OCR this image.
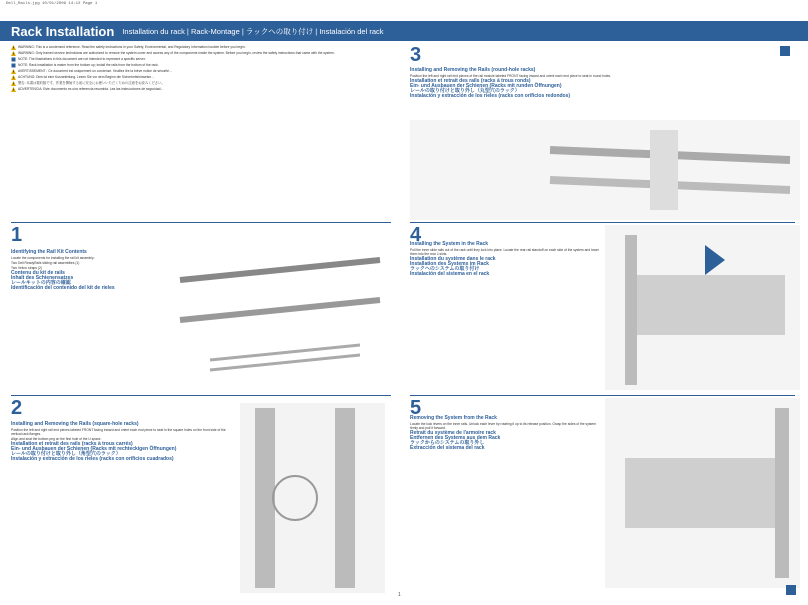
Dell_Rails.jpg 10/01/2009 14:12 Page 1
Rack Installation Installation du rack | Rack-Montage | ラックへの取り付け | Instalación del rack

WARNING: This is a condensed reference. Read the safety instructions in your Safety, Environmental, and Regulatory Information booklet before you begin.

WARNING: Only trained service technicians are authorized to remove the system cover and access any of the components inside the system. Before you begin, review the safety instructions that came with the system.

NOTE: The illustrations in this document are not intended to represent a specific server.

NOTE: Rack installation is easier from the bottom up; install the rails from the bottom of the rack.

AVERTISSEMENT : Ce document est uniquement un condensé. Veuillez lire la brève notice de sécurité...

ACHTUNG: Dies ist eine Kurzanleitung. Lesen Sie vor dem Beginn die Sicherheitshinweise...

警告: 本書は要約版です。作業を開始する前に安全にお使いいただくための注意をお読みください。

ADVERTENCIA: Este documento es una referencia resumida. Lea las instrucciones de seguridad...

1
Identifying the Rail Kit Contents

Locate the components for installing the rail kit assembly:

Two Dell ReadyRails sliding rail assemblies (1)

Two Velcro straps (2)

Contenu du kit de rails

Inhalt des Schienensatzes

レールキットの内容の確認

Identificación del contenido del kit de rieles

2
Installing and Removing the Rails (square-hole racks)

Position the left and right rail end pieces labeled FRONT facing inward and orient each end piece to seat in the square holes on the front side of the vertical rack flanges.

Align and seat the bottom peg on the first hole of the U space.

Installation et retrait des rails (racks à trous carrés)

Ein- und Ausbauen der Schienen (Racks mit rechteckigen Öffnungen)

レールの取り付けと取り外し（角型穴のラック）

Instalación y extracción de los rieles (racks con orificios cuadrados)

3
Installing and Removing the Rails (round-hole racks)

Position the left and right rail end pieces of the rail module labeled FRONT facing inward and orient each end piece to seat in round holes.

Installation et retrait des rails (racks à trous ronds)

Ein- und Ausbauen der Schienen (Racks mit runden Öffnungen)

レールの取り付けと取り外し（丸型穴のラック）

Instalación y extracción de los rieles (racks con orificios redondos)

4
Installing the System in the Rack

Pull the inner slide rails out of the rack until they lock into place. Locate the rear rail standoff on each side of the system and lower them into the rear J-slots.

Installation du système dans le rack

Installation des Systems im Rack

ラックへのシステムの取り付け

Instalación del sistema en el rack

5
Removing the System from the Rack

Locate the lock levers on the inner rails. Unlock each lever by rotating it up to its release position. Grasp the sides of the system firmly and pull it forward.

Retrait du système de l'armoire rack

Entfernen des Systems aus dem Rack

ラックからのシステムの取り外し

Extracción del sistema del rack

1
